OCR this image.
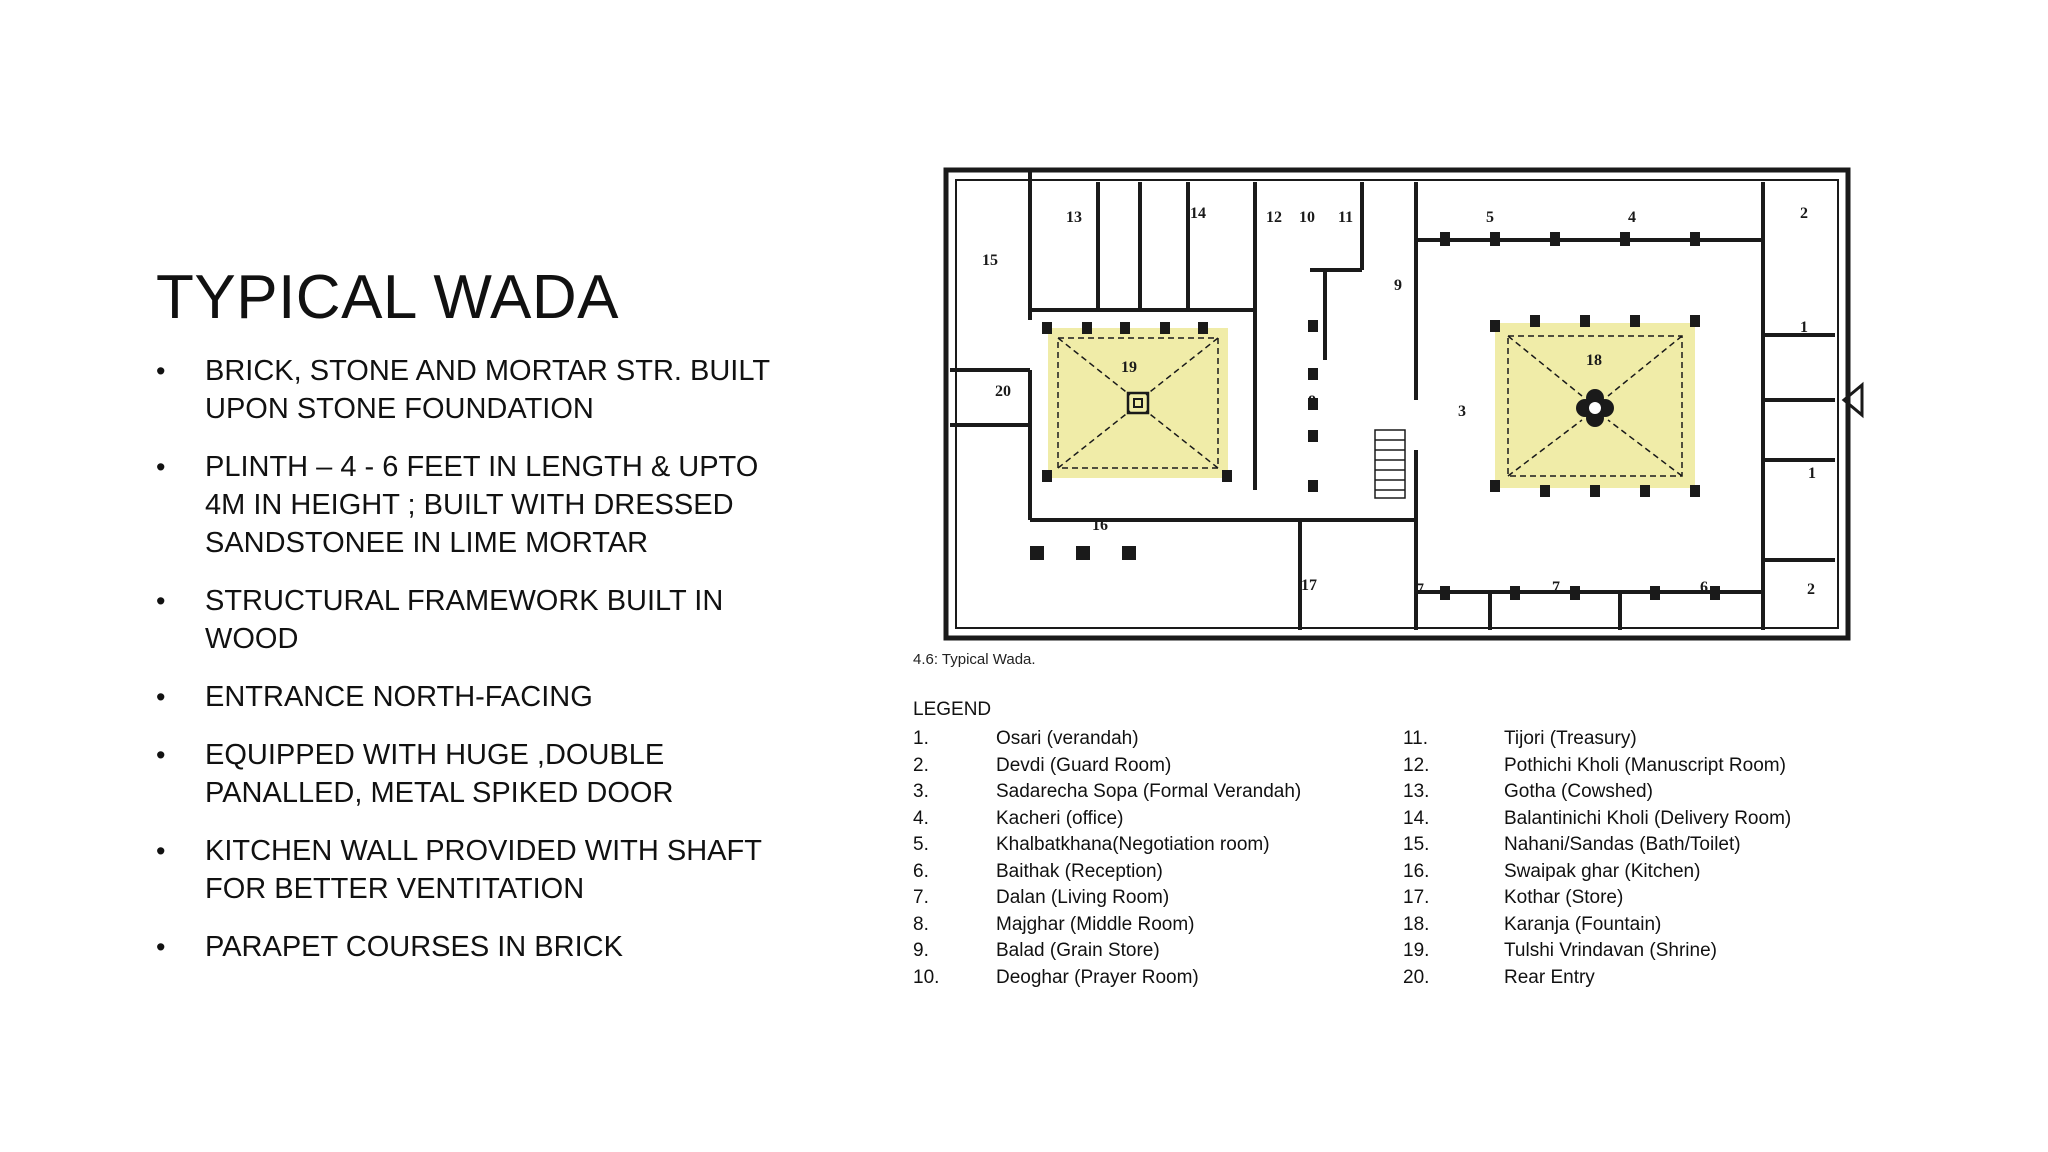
TYPICAL WADA
• BRICK, STONE AND MORTAR STR. BUILT UPON STONE FOUNDATION
• PLINTH – 4 - 6 FEET IN LENGTH & UPTO 4M IN HEIGHT ; BUILT WITH DRESSED SANDSTONEE IN LIME MORTAR
• STRUCTURAL FRAMEWORK BUILT IN WOOD
• ENTRANCE NORTH-FACING
• EQUIPPED WITH HUGE ,DOUBLE PANALLED, METAL SPIKED DOOR
• KITCHEN WALL PROVIDED WITH SHAFT FOR BETTER VENTITATION
• PARAPET COURSES IN BRICK
13	14	12 10 11	5	4	2
15
9
1
19	18
20
8
3
1
16
17	7	7	6	2
4.6: Typical Wada.
LEGEND
1.	Osari (verandah)
2.	Devdi (Guard Room)
3.	Sadarecha Sopa (Formal Verandah)
4.	Kacheri (office)
5.	Khalbatkhana(Negotiation room)
6.	Baithak (Reception)
7.	Dalan (Living Room)
8.	Majghar (Middle Room)
9.	Balad (Grain Store)
10.	Deoghar (Prayer Room)
11.	Tijori (Treasury)
12.	Pothichi Kholi (Manuscript Room)
13.	Gotha (Cowshed)
14.	Balantinichi Kholi (Delivery Room)
15.	Nahani/Sandas (Bath/Toilet)
16.	Swaipak ghar (Kitchen)
17.	Kothar (Store)
18.	Karanja (Fountain)
19.	Tulshi Vrindavan (Shrine)
20.	Rear Entry
